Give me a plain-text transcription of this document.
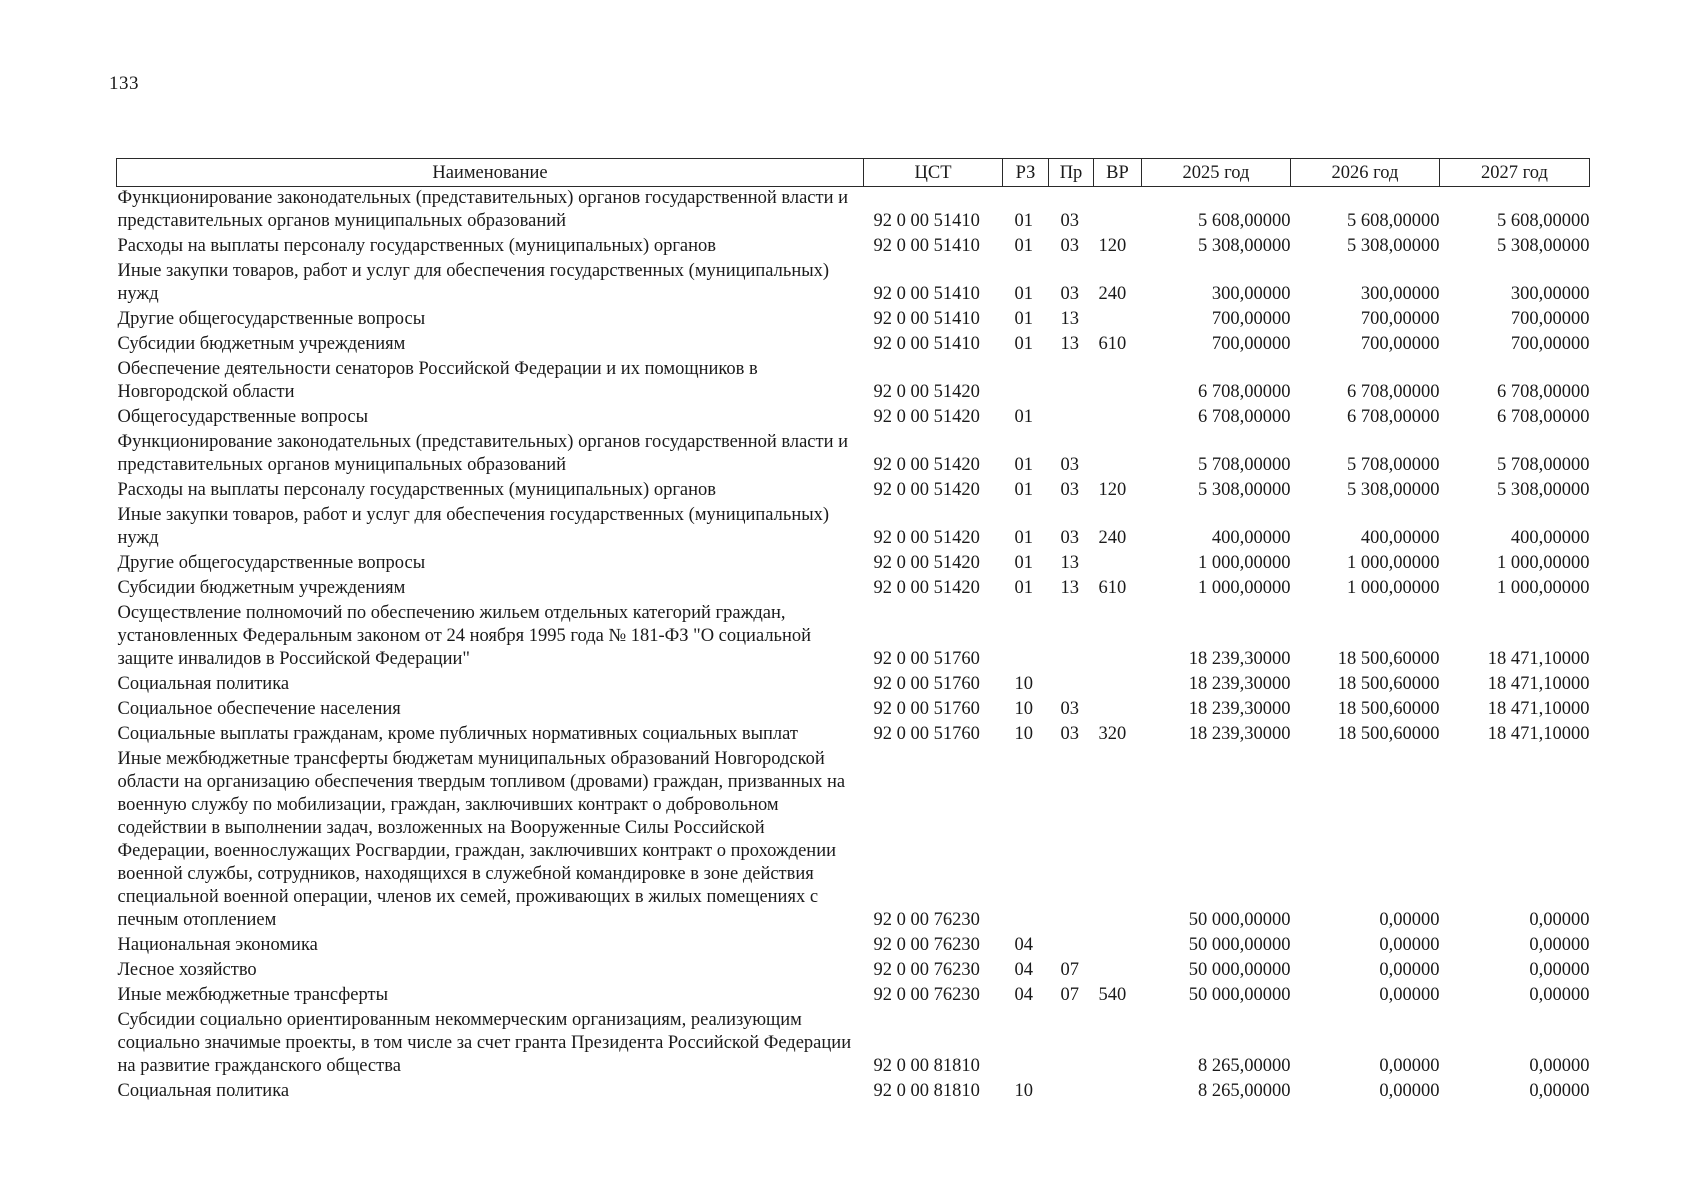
133
Наименование	ЦСТ	РЗ	Пр	ВР	2025 год	2026 год	2027 год
Функционирование законодательных (представительных) органов государственной власти и представительных органов муниципальных образований	92 0 00 51410	01	03		5 608,00000	5 608,00000	5 608,00000
Расходы на выплаты персоналу государственных (муниципальных) органов	92 0 00 51410	01	03	120	5 308,00000	5 308,00000	5 308,00000
Иные закупки товаров, работ и услуг для обеспечения государственных (муниципальных) нужд	92 0 00 51410	01	03	240	300,00000	300,00000	300,00000
Другие общегосударственные вопросы	92 0 00 51410	01	13		700,00000	700,00000	700,00000
Субсидии бюджетным учреждениям	92 0 00 51410	01	13	610	700,00000	700,00000	700,00000
Обеспечение деятельности сенаторов Российской Федерации и их помощников в Новгородской области	92 0 00 51420				6 708,00000	6 708,00000	6 708,00000
Общегосударственные вопросы	92 0 00 51420	01			6 708,00000	6 708,00000	6 708,00000
Функционирование законодательных (представительных) органов государственной власти и представительных органов муниципальных образований	92 0 00 51420	01	03		5 708,00000	5 708,00000	5 708,00000
Расходы на выплаты персоналу государственных (муниципальных) органов	92 0 00 51420	01	03	120	5 308,00000	5 308,00000	5 308,00000
Иные закупки товаров, работ и услуг для обеспечения государственных (муниципальных) нужд	92 0 00 51420	01	03	240	400,00000	400,00000	400,00000
Другие общегосударственные вопросы	92 0 00 51420	01	13		1 000,00000	1 000,00000	1 000,00000
Субсидии бюджетным учреждениям	92 0 00 51420	01	13	610	1 000,00000	1 000,00000	1 000,00000
Осуществление полномочий по обеспечению жильем отдельных категорий граждан, установленных Федеральным законом от 24 ноября 1995 года № 181-ФЗ "О социальной защите инвалидов в Российской Федерации"	92 0 00 51760				18 239,30000	18 500,60000	18 471,10000
Социальная политика	92 0 00 51760	10			18 239,30000	18 500,60000	18 471,10000
Социальное обеспечение населения	92 0 00 51760	10	03		18 239,30000	18 500,60000	18 471,10000
Социальные выплаты гражданам, кроме публичных нормативных социальных выплат	92 0 00 51760	10	03	320	18 239,30000	18 500,60000	18 471,10000
Иные межбюджетные трансферты бюджетам муниципальных образований Новгородской области на организацию обеспечения твердым топливом (дровами) граждан, призванных на военную службу по мобилизации, граждан, заключивших контракт о добровольном содействии в выполнении задач, возложенных на Вооруженные Силы Российской Федерации, военнослужащих Росгвардии, граждан, заключивших контракт о прохождении военной службы, сотрудников, находящихся в служебной командировке в зоне действия специальной военной операции, членов их семей, проживающих в жилых помещениях с печным отоплением	92 0 00 76230				50 000,00000	0,00000	0,00000
Национальная экономика	92 0 00 76230	04			50 000,00000	0,00000	0,00000
Лесное хозяйство	92 0 00 76230	04	07		50 000,00000	0,00000	0,00000
Иные межбюджетные трансферты	92 0 00 76230	04	07	540	50 000,00000	0,00000	0,00000
Субсидии социально ориентированным некоммерческим организациям, реализующим социально значимые проекты, в том числе за счет гранта Президента Российской Федерации на развитие гражданского общества	92 0 00 81810				8 265,00000	0,00000	0,00000
Социальная политика	92 0 00 81810	10			8 265,00000	0,00000	0,00000
